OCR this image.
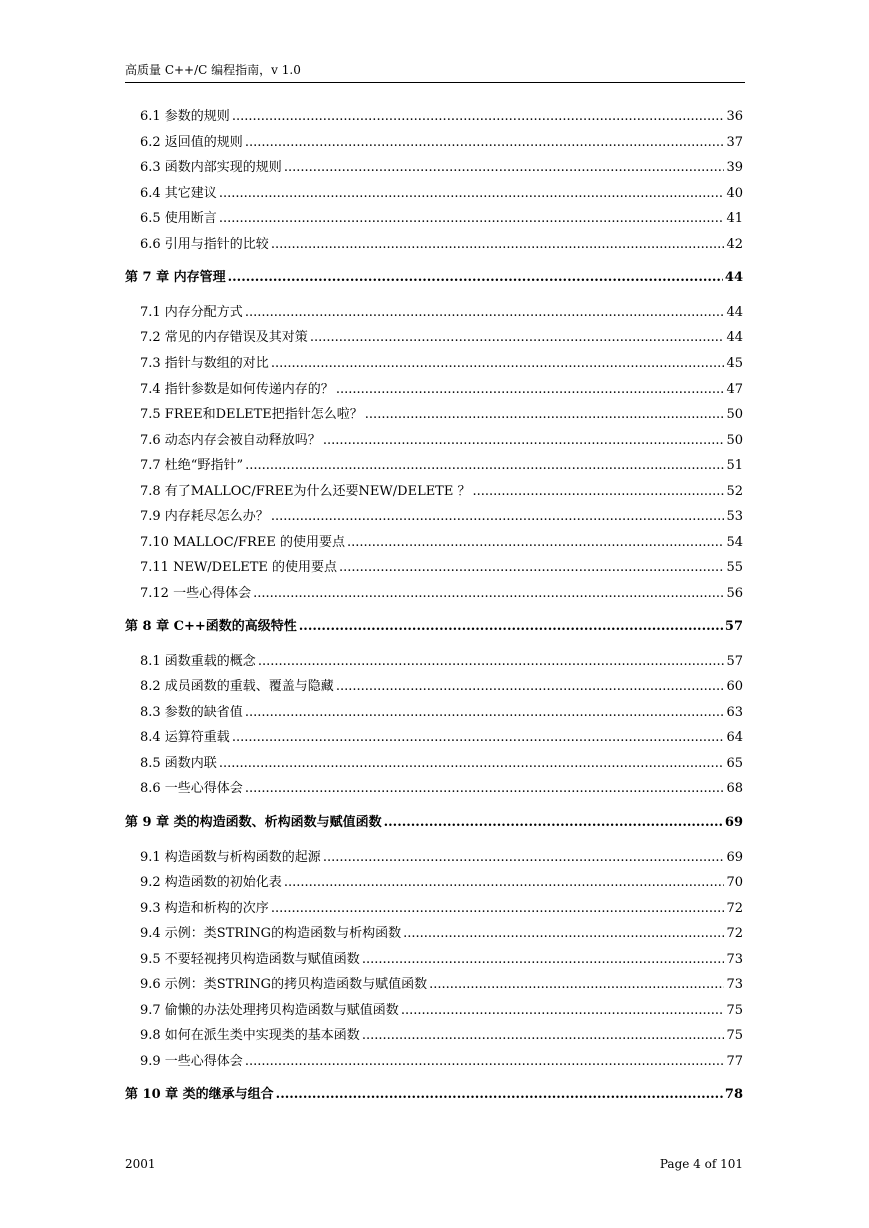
高质量 C++/C 编程指南，v 1.0
6.1 参数的规则 .....	36
6.2 返回值的规则 .....	37
6.3 函数内部实现的规则 .....	39
6.4 其它建议 .....	40
6.5 使用断言 .....	41
6.6 引用与指针的比较 .....	42
第 7 章 内存管理 .....	44
7.1 内存分配方式 .....	44
7.2 常见的内存错误及其对策 .....	44
7.3 指针与数组的对比 .....	45
7.4 指针参数是如何传递内存的？ .....	47
7.5 FREE和DELETE把指针怎么啦？ .....	50
7.6 动态内存会被自动释放吗？ .....	50
7.7 杜绝“野指针” .....	51
7.8 有了MALLOC/FREE为什么还要NEW/DELETE ？ .....	52
7.9 内存耗尽怎么办？ .....	53
7.10 MALLOC/FREE 的使用要点 .....	54
7.11 NEW/DELETE 的使用要点 .....	55
7.12 一些心得体会 .....	56
第 8 章 C++函数的高级特性 .....	57
8.1 函数重载的概念 .....	57
8.2 成员函数的重载、覆盖与隐藏 .....	60
8.3 参数的缺省值 .....	63
8.4 运算符重载 .....	64
8.5 函数内联 .....	65
8.6 一些心得体会 .....	68
第 9 章 类的构造函数、析构函数与赋值函数 .....	69
9.1 构造函数与析构函数的起源 .....	69
9.2 构造函数的初始化表 .....	70
9.3 构造和析构的次序 .....	72
9.4 示例：类STRING的构造函数与析构函数 .....	72
9.5 不要轻视拷贝构造函数与赋值函数 .....	73
9.6 示例：类STRING的拷贝构造函数与赋值函数 .....	73
9.7 偷懒的办法处理拷贝构造函数与赋值函数 .....	75
9.8 如何在派生类中实现类的基本函数 .....	75
9.9 一些心得体会 .....	77
第 10 章 类的继承与组合 .....	78
2001	Page 4 of 101
